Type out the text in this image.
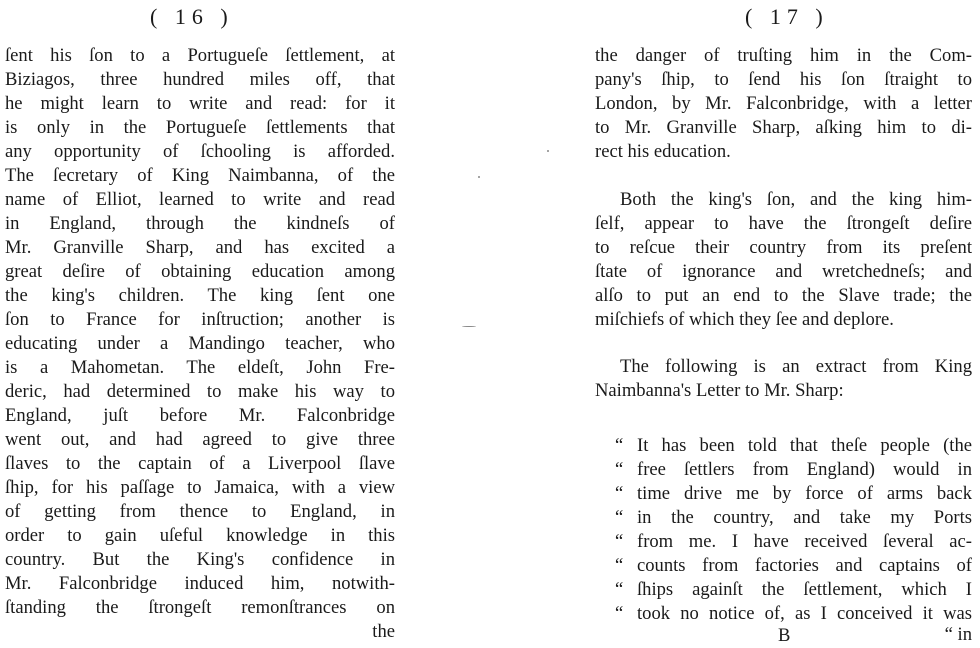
( 16 )
ſent his ſon to a Portugueſe ſettlement, at
Biziagos, three hundred miles off, that
he might learn to write and read: for it
is only in the Portugueſe ſettlements that
any opportunity of ſchooling is afforded.
The ſecretary of King Naimbanna, of the
name of Elliot, learned to write and read
in England, through the kindneſs of
Mr. Granville Sharp, and has excited a
great deſire of obtaining education among
the king's children. The king ſent one
ſon to France for inſtruction; another is
educating under a Mandingo teacher, who
is a Mahometan. The eldeſt, John Fre-
deric, had determined to make his way to
England, juſt before Mr. Falconbridge
went out, and had agreed to give three
ſlaves to the captain of a Liverpool ſlave
ſhip, for his paſſage to Jamaica, with a view
of getting from thence to England, in
order to gain uſeful knowledge in this
country. But the King's confidence in
Mr. Falconbridge induced him, notwith-
ſtanding the ſtrongeſt remonſtrances on
the
( 17 )
the danger of truſting him in the Com-
pany's ſhip, to ſend his ſon ſtraight to
London, by Mr. Falconbridge, with a letter
to Mr. Granville Sharp, aſking him to di-
rect his education.
Both the king's ſon, and the king him-
ſelf, appear to have the ſtrongeſt deſire
to reſcue their country from its preſent
ſtate of ignorance and wretchedneſs; and
alſo to put an end to the Slave trade; the
miſchiefs of which they ſee and deplore.
The following is an extract from King
Naimbanna's Letter to Mr. Sharp:
“ It has been told that theſe people (the
“ free ſettlers from England) would in
“ time drive me by force of arms back
“ in the country, and take my Ports
“ from me. I have received ſeveral ac-
“ counts from factories and captains of
“ ſhips againſt the ſettlement, which I
“ took no notice of, as I conceived it was
B	“ in
